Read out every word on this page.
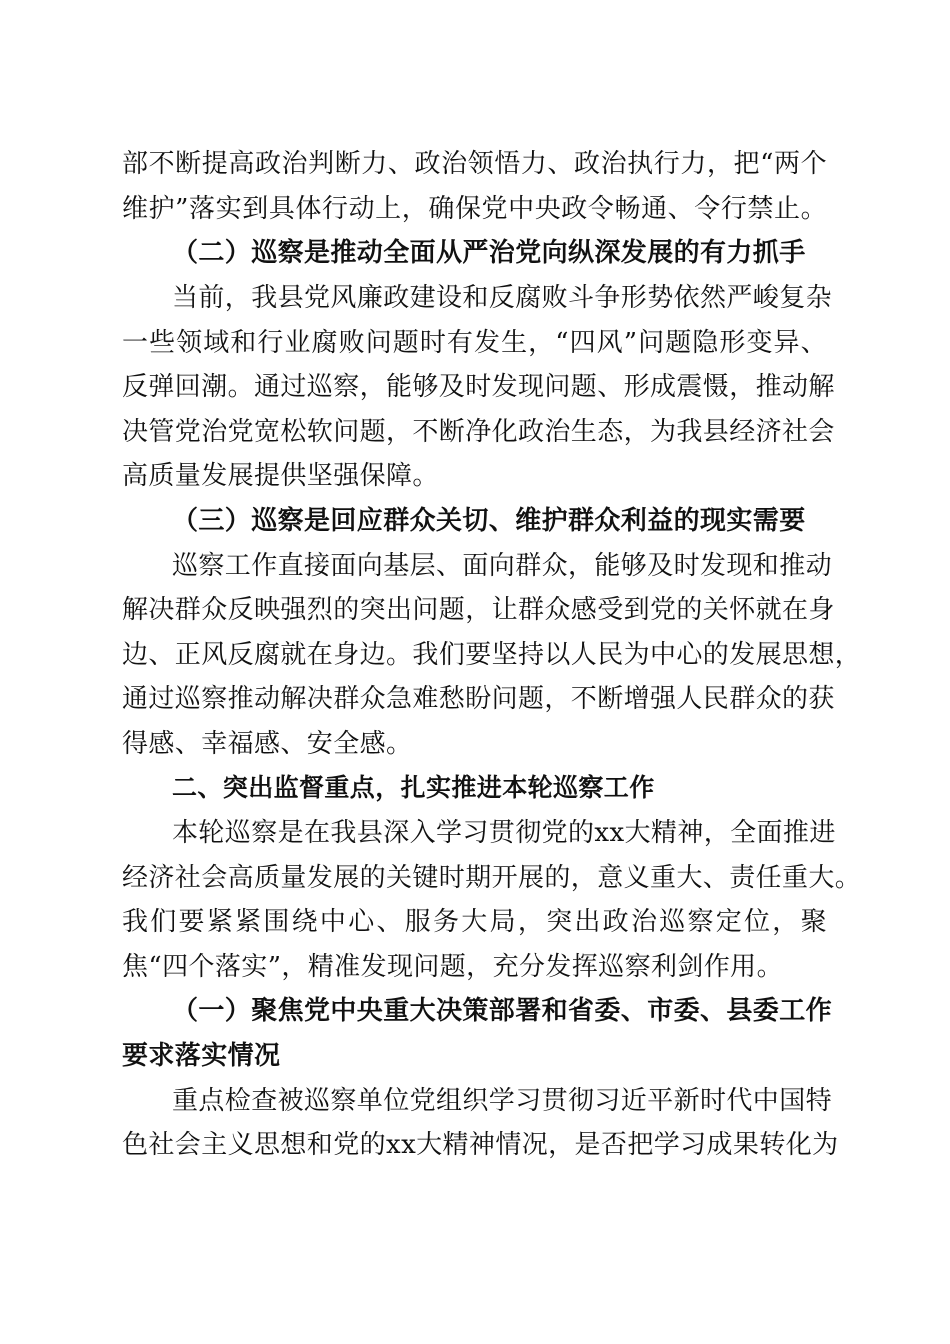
部不断提高政治判断力、政治领悟力、政治执行力，把“两个
维护”落实到具体行动上，确保党中央政令畅通、令行禁止。
（二）巡察是推动全面从严治党向纵深发展的有力抓手
当前，我县党风廉政建设和反腐败斗争形势依然严峻复杂
一些领域和行业腐败问题时有发生，“四风”问题隐形变异、
反弹回潮。通过巡察，能够及时发现问题、形成震慑，推动解
决管党治党宽松软问题，不断净化政治生态，为我县经济社会
高质量发展提供坚强保障。
（三）巡察是回应群众关切、维护群众利益的现实需要
巡察工作直接面向基层、面向群众，能够及时发现和推动
解决群众反映强烈的突出问题，让群众感受到党的关怀就在身
边、正风反腐就在身边。我们要坚持以人民为中心的发展思想，
通过巡察推动解决群众急难愁盼问题，不断增强人民群众的获
得感、幸福感、安全感。
二、突出监督重点，扎实推进本轮巡察工作
本轮巡察是在我县深入学习贯彻党的xx大精神，全面推进
经济社会高质量发展的关键时期开展的，意义重大、责任重大。
我们要紧紧围绕中心、服务大局，突出政治巡察定位，聚
焦“四个落实”，精准发现问题，充分发挥巡察利剑作用。
（一）聚焦党中央重大决策部署和省委、市委、县委工作
要求落实情况
重点检查被巡察单位党组织学习贯彻习近平新时代中国特
色社会主义思想和党的xx大精神情况，是否把学习成果转化为
